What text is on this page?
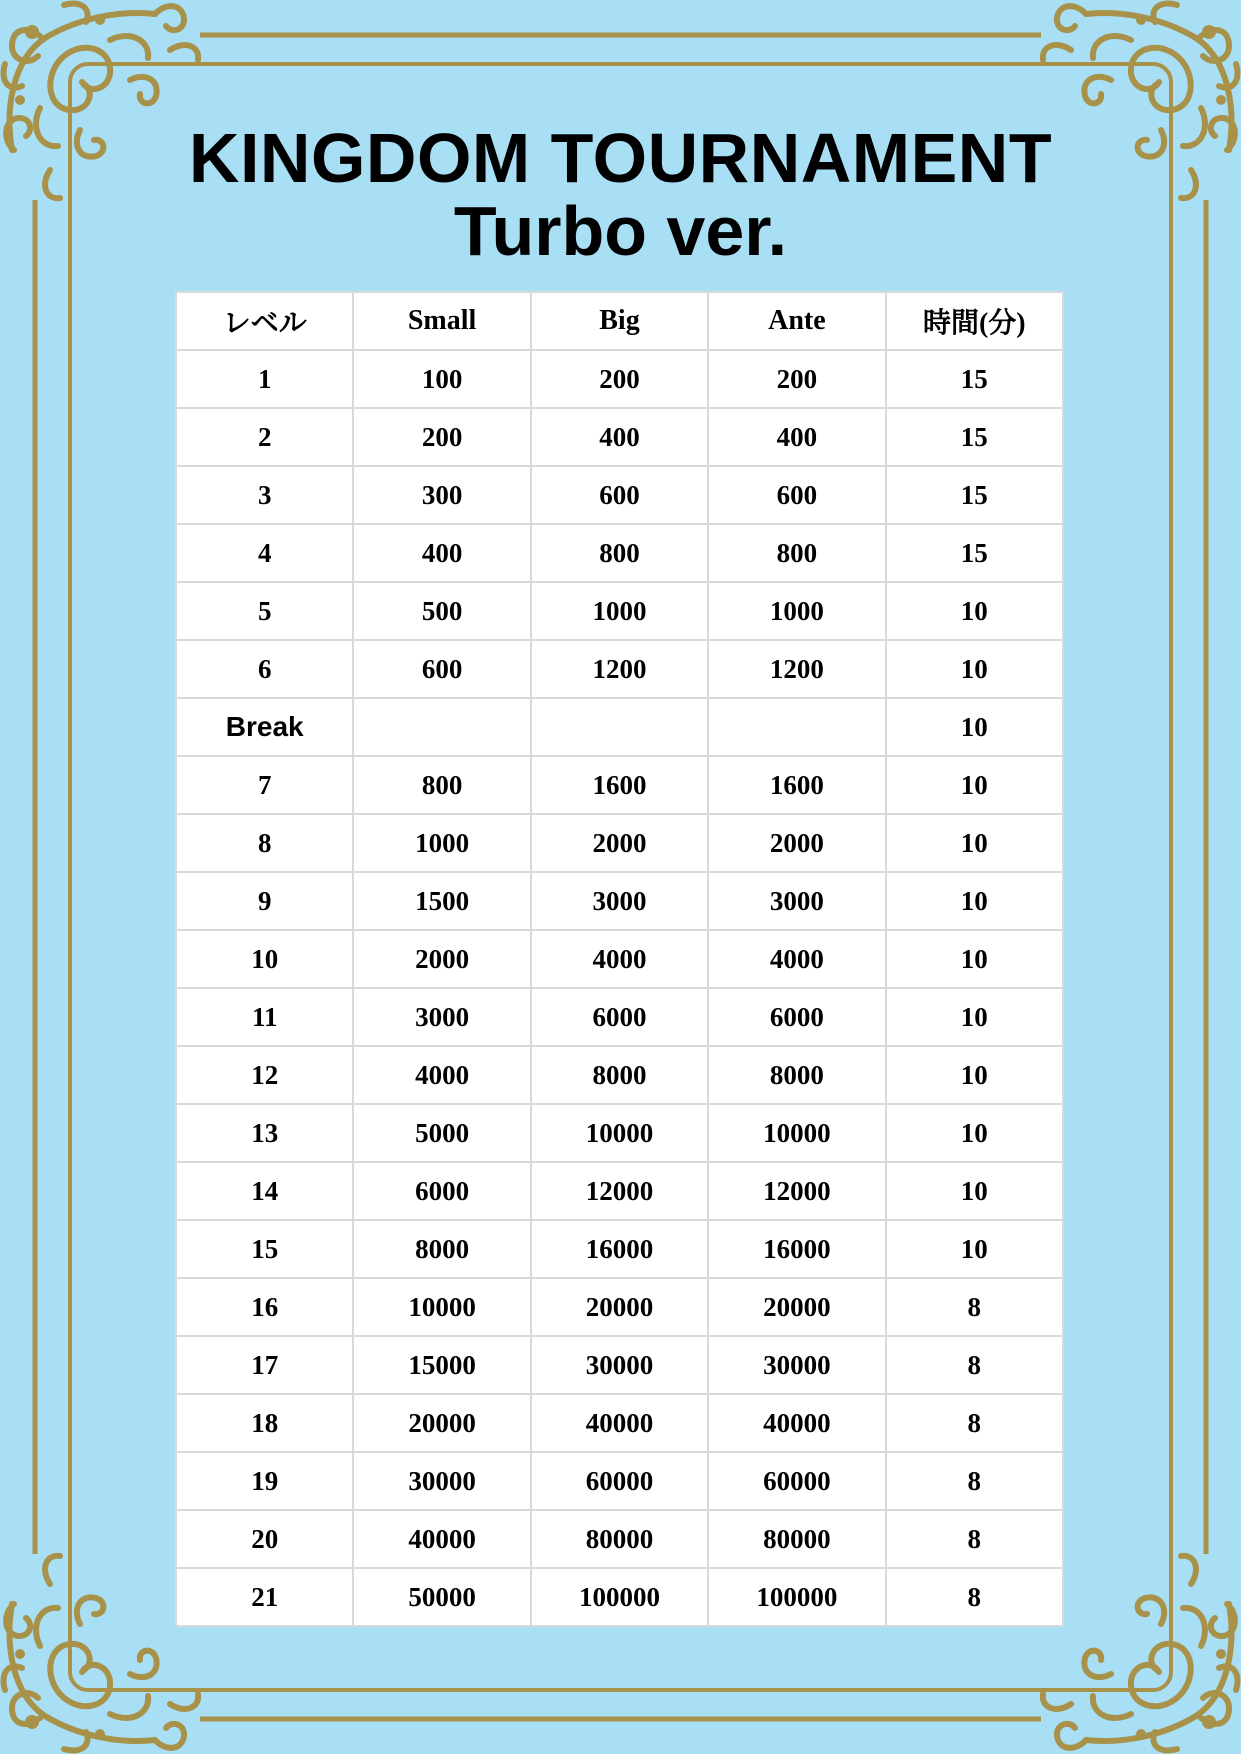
KINGDOM TOURNAMENT
Turbo ver.
レベル	Small	Big	Ante	時間(分)
1	100	200	200	15
2	200	400	400	15
3	300	600	600	15
4	400	800	800	15
5	500	1000	1000	10
6	600	1200	1200	10
Break				10
7	800	1600	1600	10
8	1000	2000	2000	10
9	1500	3000	3000	10
10	2000	4000	4000	10
11	3000	6000	6000	10
12	4000	8000	8000	10
13	5000	10000	10000	10
14	6000	12000	12000	10
15	8000	16000	16000	10
16	10000	20000	20000	8
17	15000	30000	30000	8
18	20000	40000	40000	8
19	30000	60000	60000	8
20	40000	80000	80000	8
21	50000	100000	100000	8
